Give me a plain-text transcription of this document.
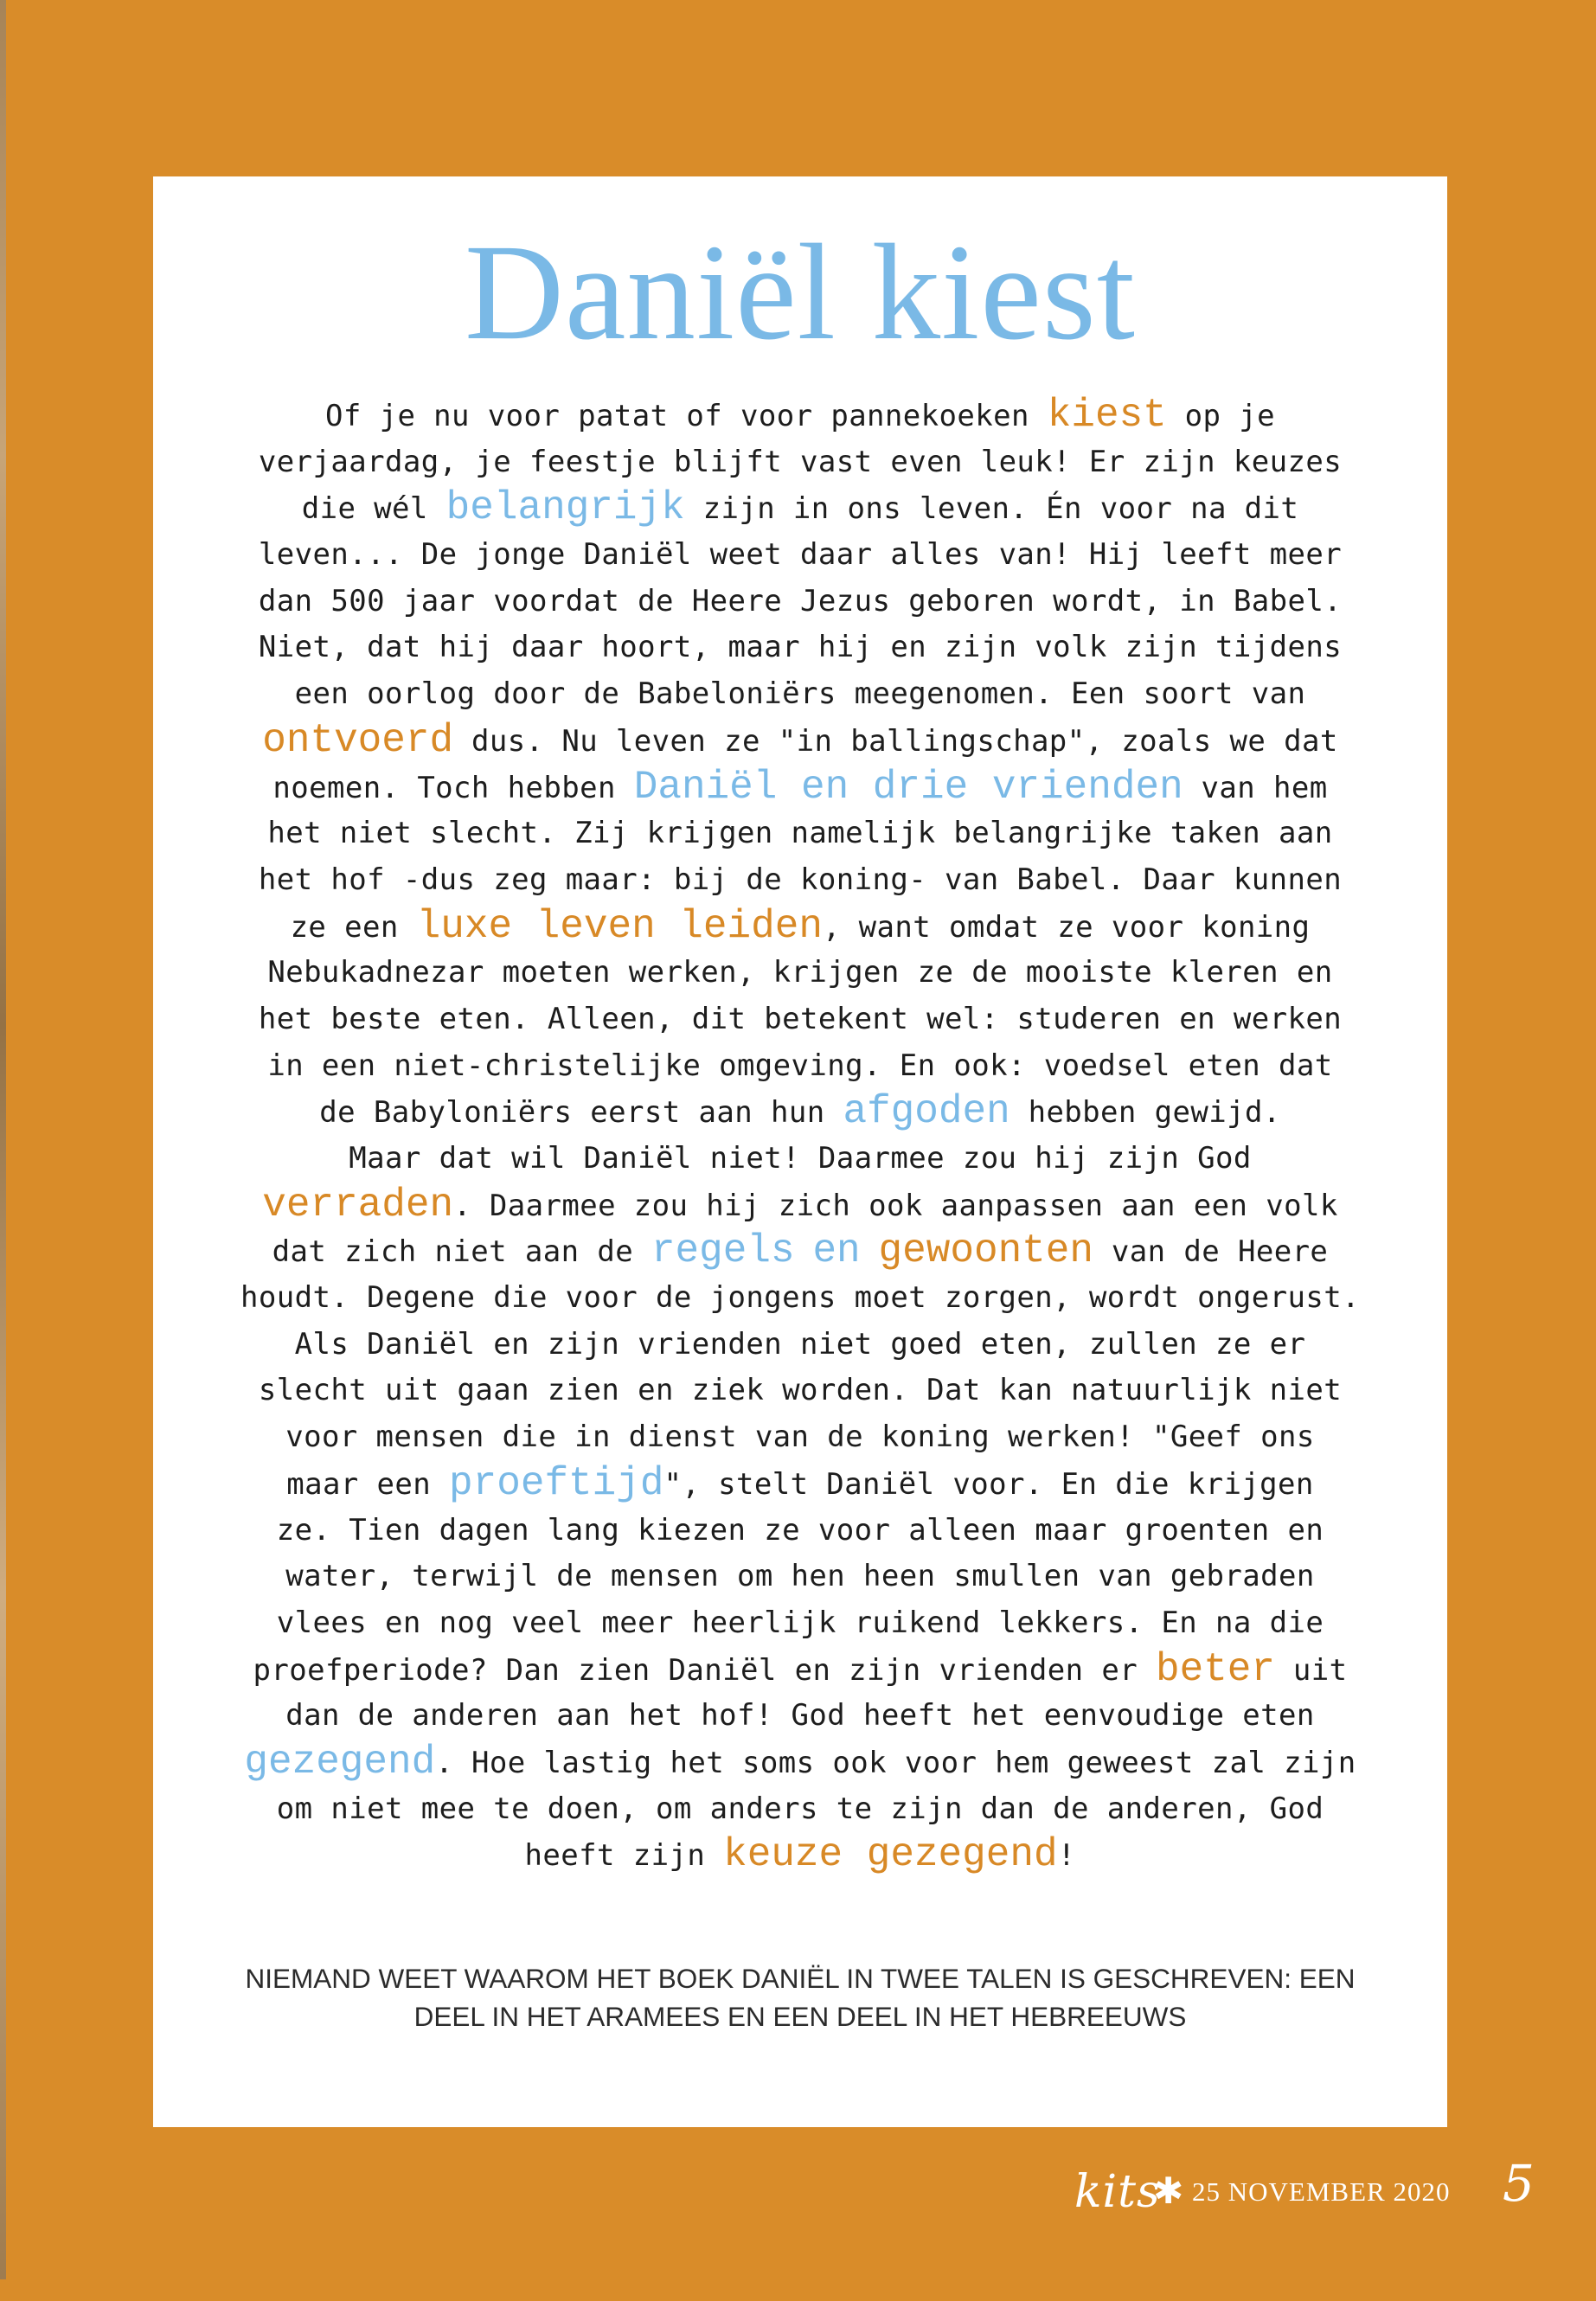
Daniël kiest
Of je nu voor patat of voor pannekoeken kiest op je
verjaardag, je feestje blijft vast even leuk! Er zijn keuzes
die wél belangrijk zijn in ons leven. Én voor na dit
leven... De jonge Daniël weet daar alles van! Hij leeft meer
dan 500 jaar voordat de Heere Jezus geboren wordt, in Babel.
Niet, dat hij daar hoort, maar hij en zijn volk zijn tijdens
een oorlog door de Babeloniërs meegenomen. Een soort van
ontvoerd dus. Nu leven ze "in ballingschap", zoals we dat
noemen. Toch hebben Daniël en drie vrienden van hem
het niet slecht. Zij krijgen namelijk belangrijke taken aan
het hof -dus zeg maar: bij de koning- van Babel. Daar kunnen
ze een luxe leven leiden, want omdat ze voor koning
Nebukadnezar moeten werken, krijgen ze de mooiste kleren en
het beste eten. Alleen, dit betekent wel: studeren en werken
in een niet-christelijke omgeving. En ook: voedsel eten dat
de Babyloniërs eerst aan hun afgoden hebben gewijd.
Maar dat wil Daniël niet! Daarmee zou hij zijn God
verraden. Daarmee zou hij zich ook aanpassen aan een volk
dat zich niet aan de regels en gewoonten van de Heere
houdt. Degene die voor de jongens moet zorgen, wordt ongerust.
Als Daniël en zijn vrienden niet goed eten, zullen ze er
slecht uit gaan zien en ziek worden. Dat kan natuurlijk niet
voor mensen die in dienst van de koning werken! "Geef ons
maar een proeftijd", stelt Daniël voor. En die krijgen
ze. Tien dagen lang kiezen ze voor alleen maar groenten en
water, terwijl de mensen om hen heen smullen van gebraden
vlees en nog veel meer heerlijk ruikend lekkers. En na die
proefperiode? Dan zien Daniël en zijn vrienden er beter uit
dan de anderen aan het hof! God heeft het eenvoudige eten
gezegend. Hoe lastig het soms ook voor hem geweest zal zijn
om niet mee te doen, om anders te zijn dan de anderen, God
heeft zijn keuze gezegend!
NIEMAND WEET WAAROM HET BOEK DANIËL IN TWEE TALEN IS GESCHREVEN: EEN
DEEL IN HET ARAMEES EN EEN DEEL IN HET HEBREEUWS
kits
✱ 25 NOVEMBER 2020 5
